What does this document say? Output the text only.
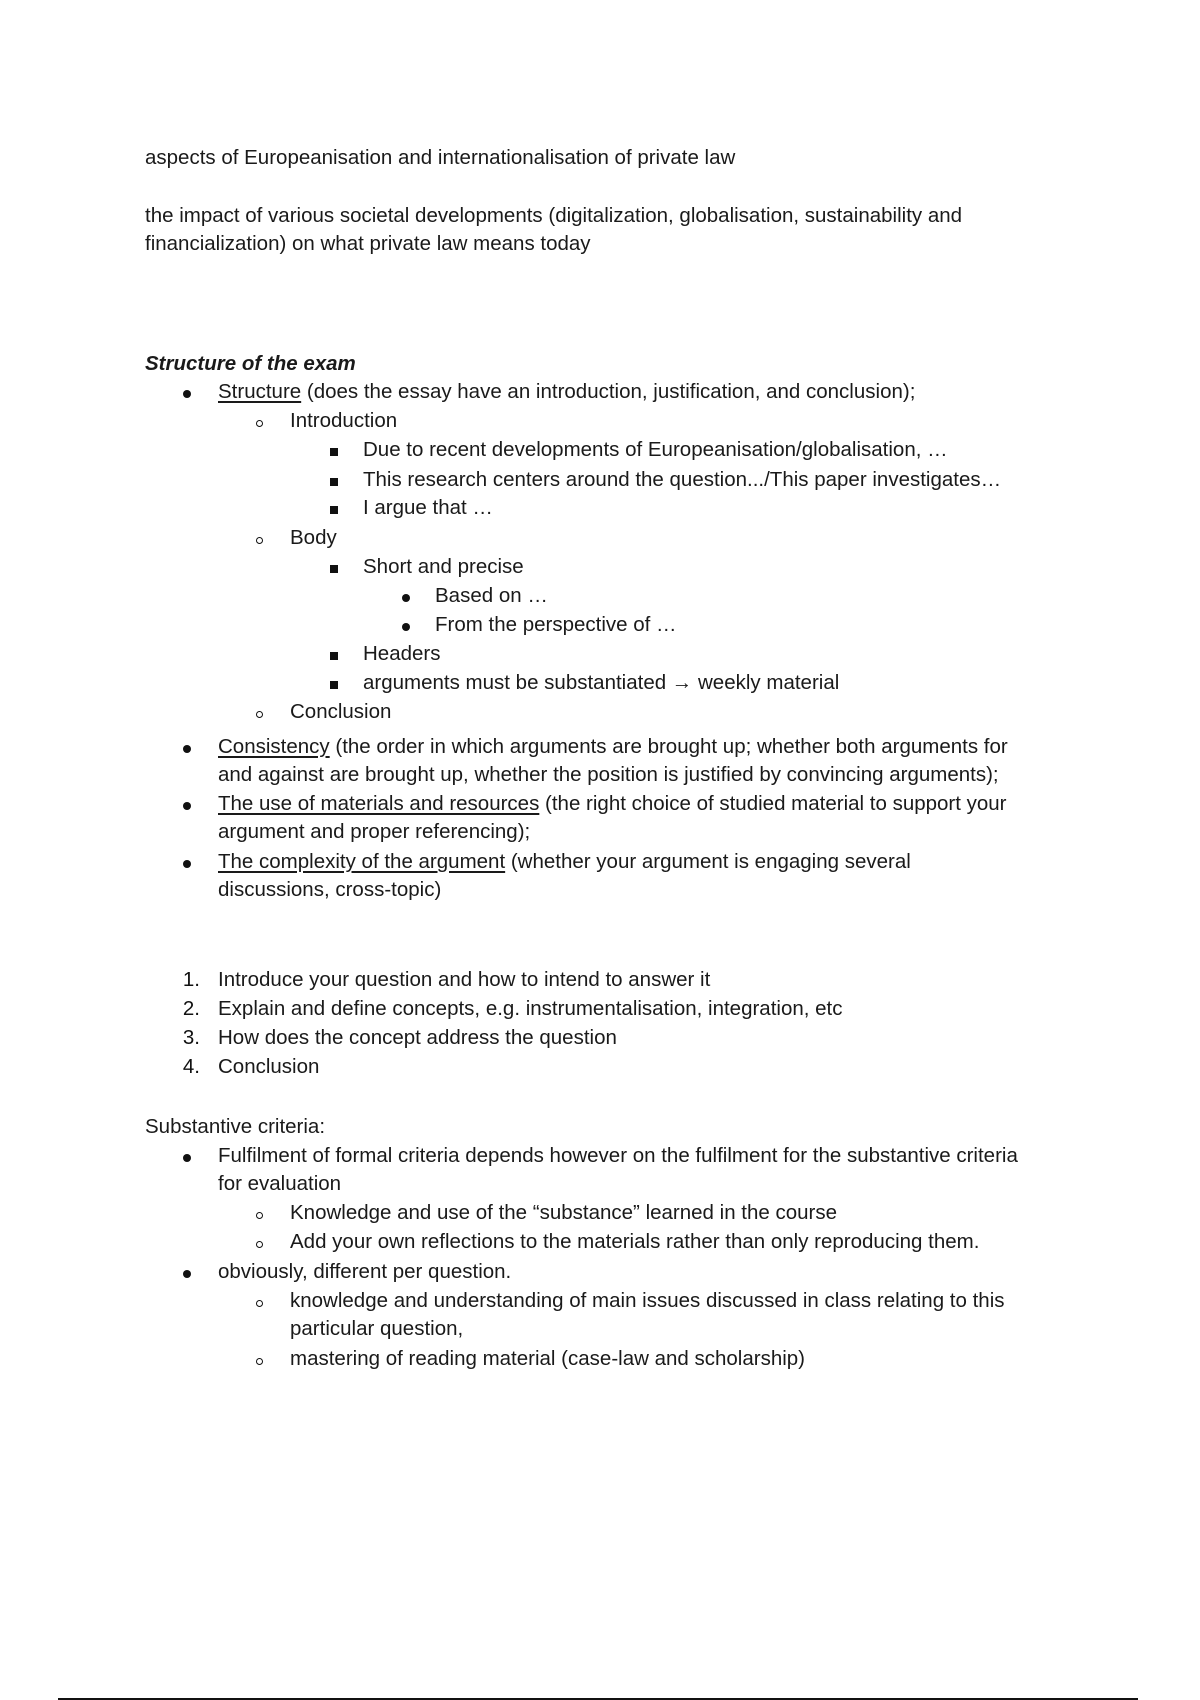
aspects of Europeanisation and internationalisation of private law
the impact of various societal developments (digitalization, globalisation, sustainability and
financialization) on what private law means today
Structure of the exam
Structure (does the essay have an introduction, justification, and conclusion);
Introduction
Due to recent developments of Europeanisation/globalisation, …
This research centers around the question.../This paper investigates…
I argue that …
Body
Short and precise
Based on …
From the perspective of …
Headers
arguments must be substantiated → weekly material
Conclusion
Consistency (the order in which arguments are brought up; whether both arguments for
and against are brought up, whether the position is justified by convincing arguments);
The use of materials and resources (the right choice of studied material to support your
argument and proper referencing);
The complexity of the argument (whether your argument is engaging several
discussions, cross-topic)
1. Introduce your question and how to intend to answer it
2. Explain and define concepts, e.g. instrumentalisation, integration, etc
3. How does the concept address the question
4. Conclusion
Substantive criteria:
Fulfilment of formal criteria depends however on the fulfilment for the substantive criteria
for evaluation
Knowledge and use of the “substance” learned in the course
Add your own reflections to the materials rather than only reproducing them.
obviously, different per question.
knowledge and understanding of main issues discussed in class relating to this
particular question,
mastering of reading material (case-law and scholarship)
